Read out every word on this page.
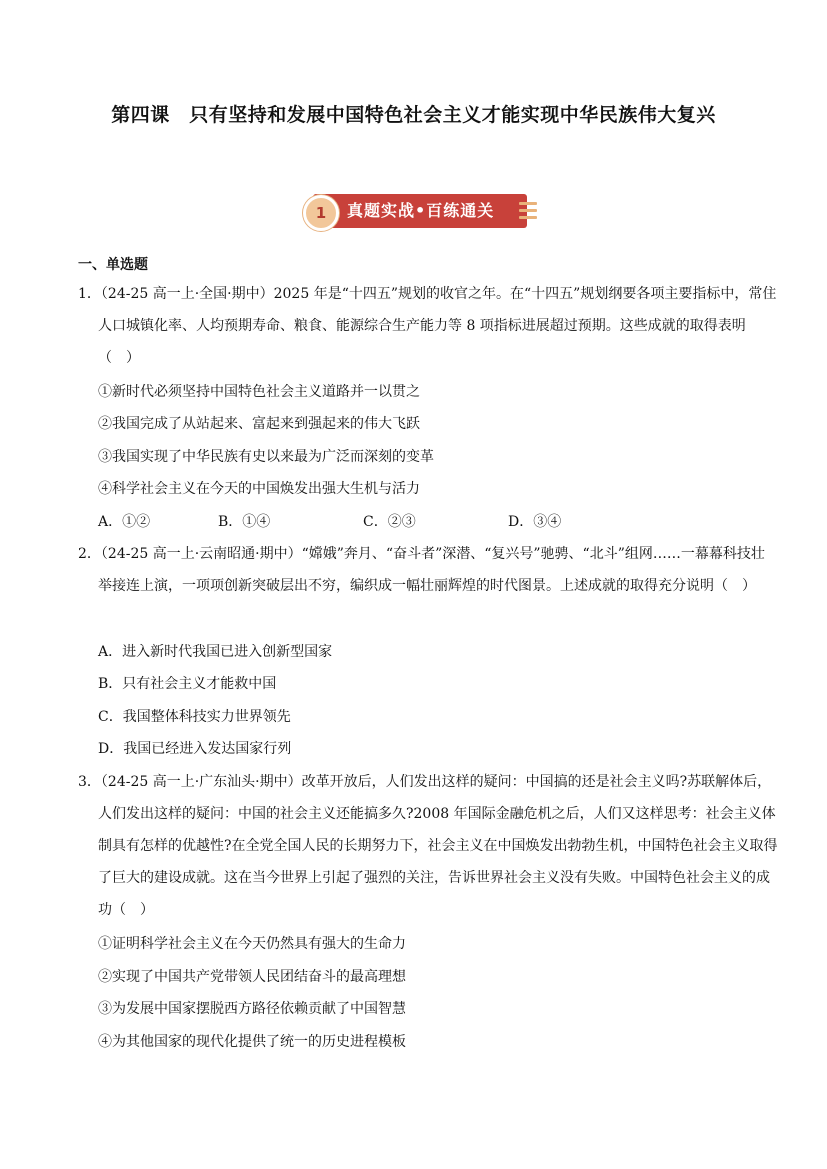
第四课　只有坚持和发展中国特色社会主义才能实现中华民族伟大复兴
1	真题实战•百练通关
一、单选题
1．（24-25 高一上·全国·期中）2025 年是“十四五”规划的收官之年。在“十四五”规划纲要各项主要指标中，常住人口城镇化率、人均预期寿命、粮食、能源综合生产能力等 8 项指标进展超过预期。这些成就的取得表明（　）
①新时代必须坚持中国特色社会主义道路并一以贯之
②我国完成了从站起来、富起来到强起来的伟大飞跃
③我国实现了中华民族有史以来最为广泛而深刻的变革
④科学社会主义在今天的中国焕发出强大生机与活力
A．①②	B．①④	C．②③	D．③④
2．（24-25 高一上·云南昭通·期中）“嫦娥”奔月、“奋斗者”深潜、“复兴号”驰骋、“北斗”组网……一幕幕科技壮举接连上演，一项项创新突破层出不穷，编织成一幅壮丽辉煌的时代图景。上述成就的取得充分说明（　）
A．进入新时代我国已进入创新型国家
B．只有社会主义才能救中国
C．我国整体科技实力世界领先
D．我国已经进入发达国家行列
3．（24-25 高一上·广东汕头·期中）改革开放后，人们发出这样的疑问：中国搞的还是社会主义吗?苏联解体后，人们发出这样的疑问：中国的社会主义还能搞多久?2008 年国际金融危机之后，人们又这样思考：社会主义体制具有怎样的优越性?在全党全国人民的长期努力下，社会主义在中国焕发出勃勃生机，中国特色社会主义取得了巨大的建设成就。这在当今世界上引起了强烈的关注，告诉世界社会主义没有失败。中国特色社会主义的成功（　）
①证明科学社会主义在今天仍然具有强大的生命力
②实现了中国共产党带领人民团结奋斗的最高理想
③为发展中国家摆脱西方路径依赖贡献了中国智慧
④为其他国家的现代化提供了统一的历史进程模板
